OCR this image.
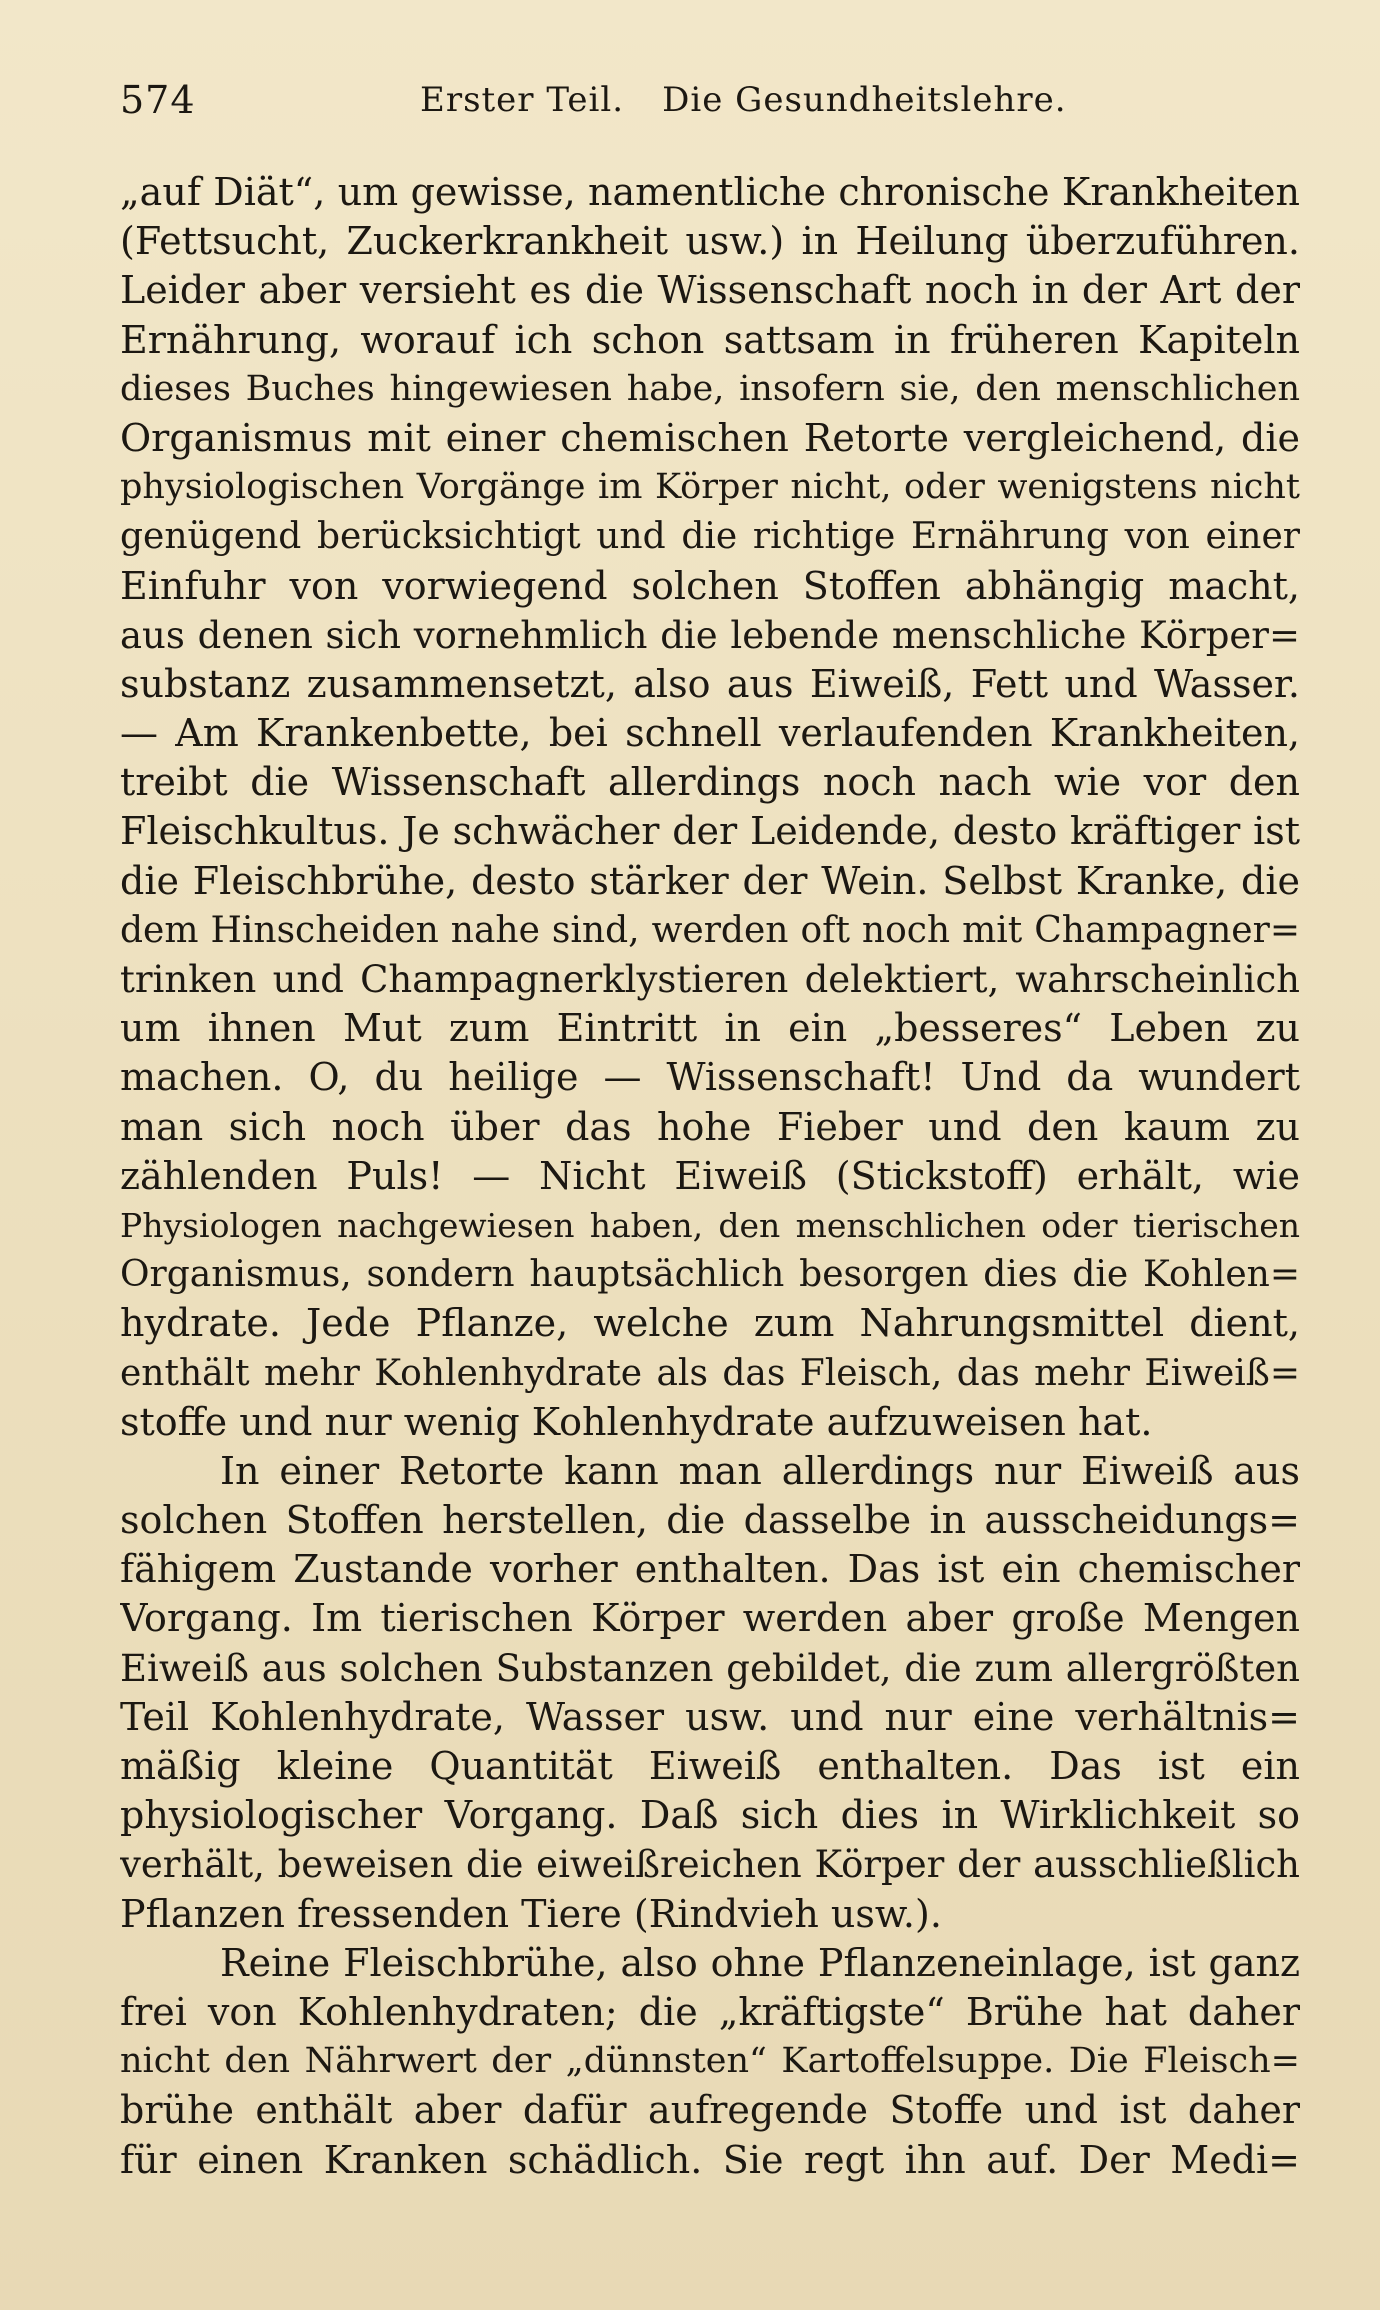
574	Erster Teil. Die Gesundheitslehre.
„auf Diät“, um gewisse, namentliche chronische Krankheiten
(Fettsucht, Zuckerkrankheit usw.) in Heilung überzuführen.
Leider aber versieht es die Wissenschaft noch in der Art der
Ernährung, worauf ich schon sattsam in früheren Kapiteln
dieses Buches hingewiesen habe, insofern sie, den menschlichen
Organismus mit einer chemischen Retorte vergleichend, die
physiologischen Vorgänge im Körper nicht, oder wenigstens nicht
genügend berücksichtigt und die richtige Ernährung von einer
Einfuhr von vorwiegend solchen Stoffen abhängig macht,
aus denen sich vornehmlich die lebende menschliche Körper=
substanz zusammensetzt, also aus Eiweiß, Fett und Wasser.
— Am Krankenbette, bei schnell verlaufenden Krankheiten,
treibt die Wissenschaft allerdings noch nach wie vor den
Fleischkultus. Je schwächer der Leidende, desto kräftiger ist
die Fleischbrühe, desto stärker der Wein. Selbst Kranke, die
dem Hinscheiden nahe sind, werden oft noch mit Champagner=
trinken und Champagnerklystieren delektiert, wahrscheinlich
um ihnen Mut zum Eintritt in ein „besseres“ Leben zu
machen. O, du heilige — Wissenschaft! Und da wundert
man sich noch über das hohe Fieber und den kaum zu
zählenden Puls! — Nicht Eiweiß (Stickstoff) erhält, wie
Physiologen nachgewiesen haben, den menschlichen oder tierischen
Organismus, sondern hauptsächlich besorgen dies die Kohlen=
hydrate. Jede Pflanze, welche zum Nahrungsmittel dient,
enthält mehr Kohlenhydrate als das Fleisch, das mehr Eiweiß=
stoffe und nur wenig Kohlenhydrate aufzuweisen hat.
In einer Retorte kann man allerdings nur Eiweiß aus
solchen Stoffen herstellen, die dasselbe in ausscheidungs=
fähigem Zustande vorher enthalten. Das ist ein chemischer
Vorgang. Im tierischen Körper werden aber große Mengen
Eiweiß aus solchen Substanzen gebildet, die zum allergrößten
Teil Kohlenhydrate, Wasser usw. und nur eine verhältnis=
mäßig kleine Quantität Eiweiß enthalten. Das ist ein
physiologischer Vorgang. Daß sich dies in Wirklichkeit so
verhält, beweisen die eiweißreichen Körper der ausschließlich
Pflanzen fressenden Tiere (Rindvieh usw.).
Reine Fleischbrühe, also ohne Pflanzeneinlage, ist ganz
frei von Kohlenhydraten; die „kräftigste“ Brühe hat daher
nicht den Nährwert der „dünnsten“ Kartoffelsuppe. Die Fleisch=
brühe enthält aber dafür aufregende Stoffe und ist daher
für einen Kranken schädlich. Sie regt ihn auf. Der Medi=
